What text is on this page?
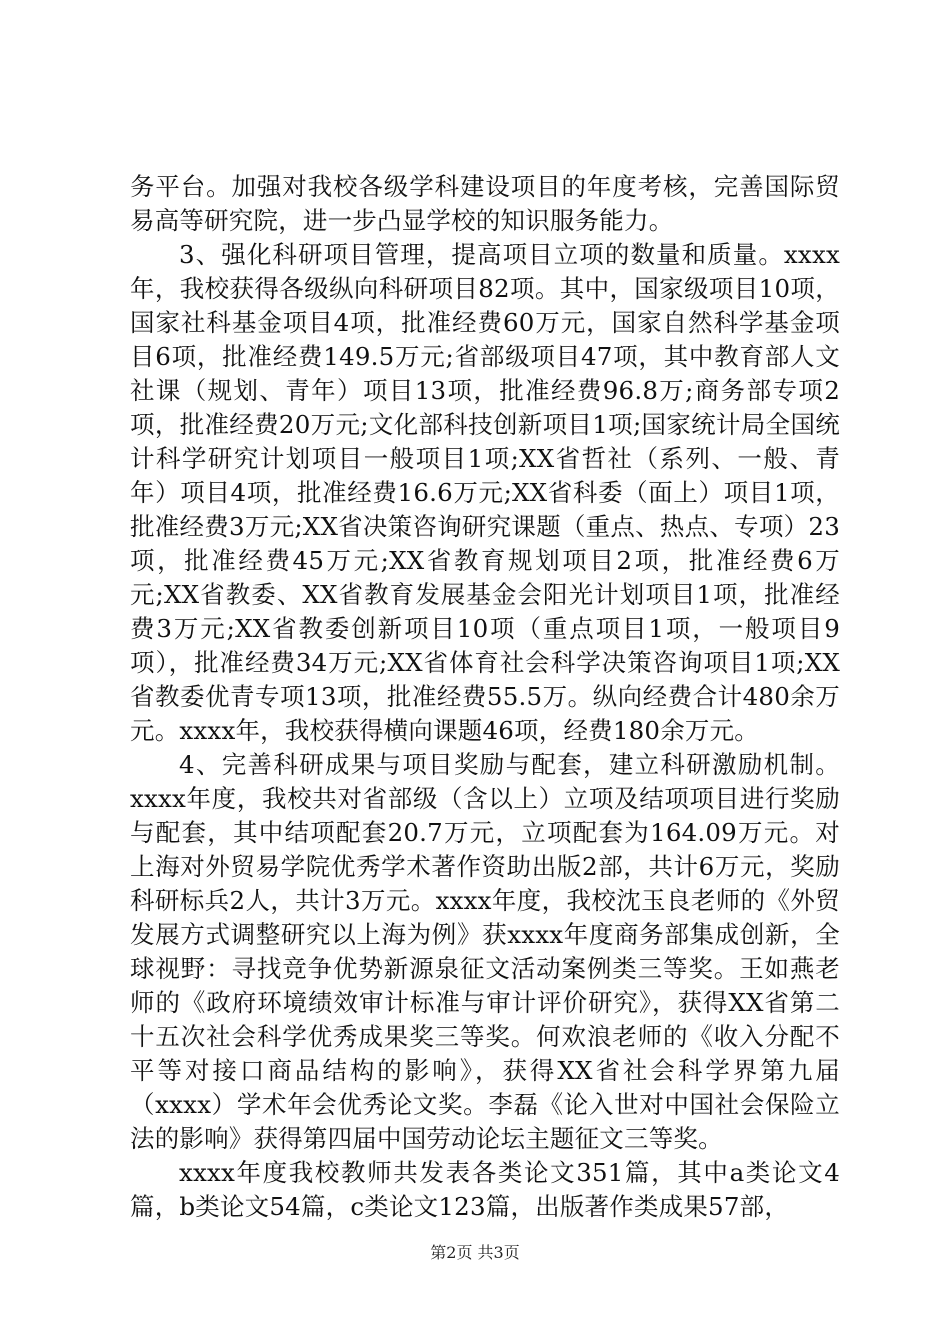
务平台。加强对我校各级学科建设项目的年度考核，完善国际贸易高等研究院，进一步凸显学校的知识服务能力。

3、强化科研项目管理，提高项目立项的数量和质量。xxxx年，我校获得各级纵向科研项目82项。其中，国家级项目10项，国家社科基金项目4项，批准经费60万元，国家自然科学基金项目6项，批准经费149.5万元;省部级项目47项，其中教育部人文社课（规划、青年）项目13项，批准经费96.8万;商务部专项2项，批准经费20万元;文化部科技创新项目1项;国家统计局全国统计科学研究计划项目一般项目1项;XX省哲社（系列、一般、青年）项目4项，批准经费16.6万元;XX省科委（面上）项目1项，批准经费3万元;XX省决策咨询研究课题（重点、热点、专项）23项，批准经费45万元;XX省教育规划项目2项，批准经费6万元;XX省教委、XX省教育发展基金会阳光计划项目1项，批准经费3万元;XX省教委创新项目10项（重点项目1项，一般项目9项），批准经费34万元;XX省体育社会科学决策咨询项目1项;XX省教委优青专项13项，批准经费55.5万。纵向经费合计480余万元。xxxx年，我校获得横向课题46项，经费180余万元。

4、完善科研成果与项目奖励与配套，建立科研激励机制。xxxx年度，我校共对省部级（含以上）立项及结项项目进行奖励与配套，其中结项配套20.7万元，立项配套为164.09万元。对上海对外贸易学院优秀学术著作资助出版2部，共计6万元，奖励科研标兵2人，共计3万元。xxxx年度，我校沈玉良老师的《外贸发展方式调整研究以上海为例》获xxxx年度商务部集成创新，全球视野：寻找竞争优势新源泉征文活动案例类三等奖。王如燕老师的《政府环境绩效审计标准与审计评价研究》，获得XX省第二十五次社会科学优秀成果奖三等奖。何欢浪老师的《收入分配不平等对接口商品结构的影响》，获得XX省社会科学界第九届（xxxx）学术年会优秀论文奖。李磊《论入世对中国社会保险立法的影响》获得第四届中国劳动论坛主题征文三等奖。

xxxx年度我校教师共发表各类论文351篇，其中a类论文4篇，b类论文54篇，c类论文123篇，出版著作类成果57部，

第2页 共3页
